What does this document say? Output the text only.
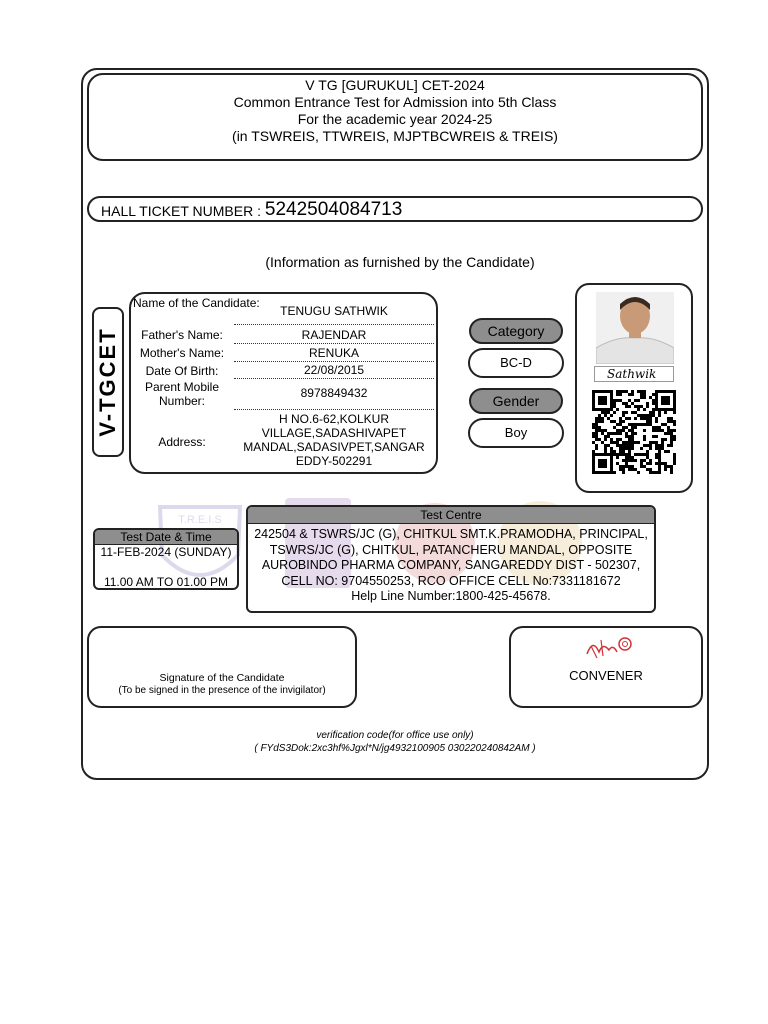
V TG [GURUKUL] CET-2024
Common Entrance Test for Admission into 5th Class
For the academic year 2024-25
(in TSWREIS, TTWREIS, MJPTBCWREIS & TREIS)
HALL TICKET NUMBER : 5242504084713
(Information as furnished by the Candidate)
T.R.E.I.S
V-TGCET
Name of the Candidate:
TENUGU SATHWIK
Father's Name:	RAJENDAR
Mother's Name:	RENUKA
Date Of Birth:	22/08/2015
Parent Mobile Number:
8978849432
Address:
H NO.6-62,KOLKUR VILLAGE,SADASHIVAPET MANDAL,SADASIVPET,SANGAR EDDY-502291
Category
BC-D
Gender
Boy
Sathwik
Test Date & Time
11-FEB-2024 (SUNDAY)
11.00 AM TO 01.00 PM
Test Centre
242504 & TSWRS/JC (G), CHITKUL SMT.K.PRAMODHA, PRINCIPAL, TSWRS/JC (G), CHITKUL, PATANCHERU MANDAL, OPPOSITE AUROBINDO PHARMA COMPANY, SANGAREDDY DIST - 502307, CELL NO: 9704550253, RCO OFFICE CELL No:7331181672
Help Line Number:1800-425-45678.
Signature of the Candidate
(To be signed in the presence of the invigilator)
CONVENER
verification code(for office use only)
( FYdS3Dok:2xc3hf%Jgxl*N/jg4932100905 030220240842AM )
